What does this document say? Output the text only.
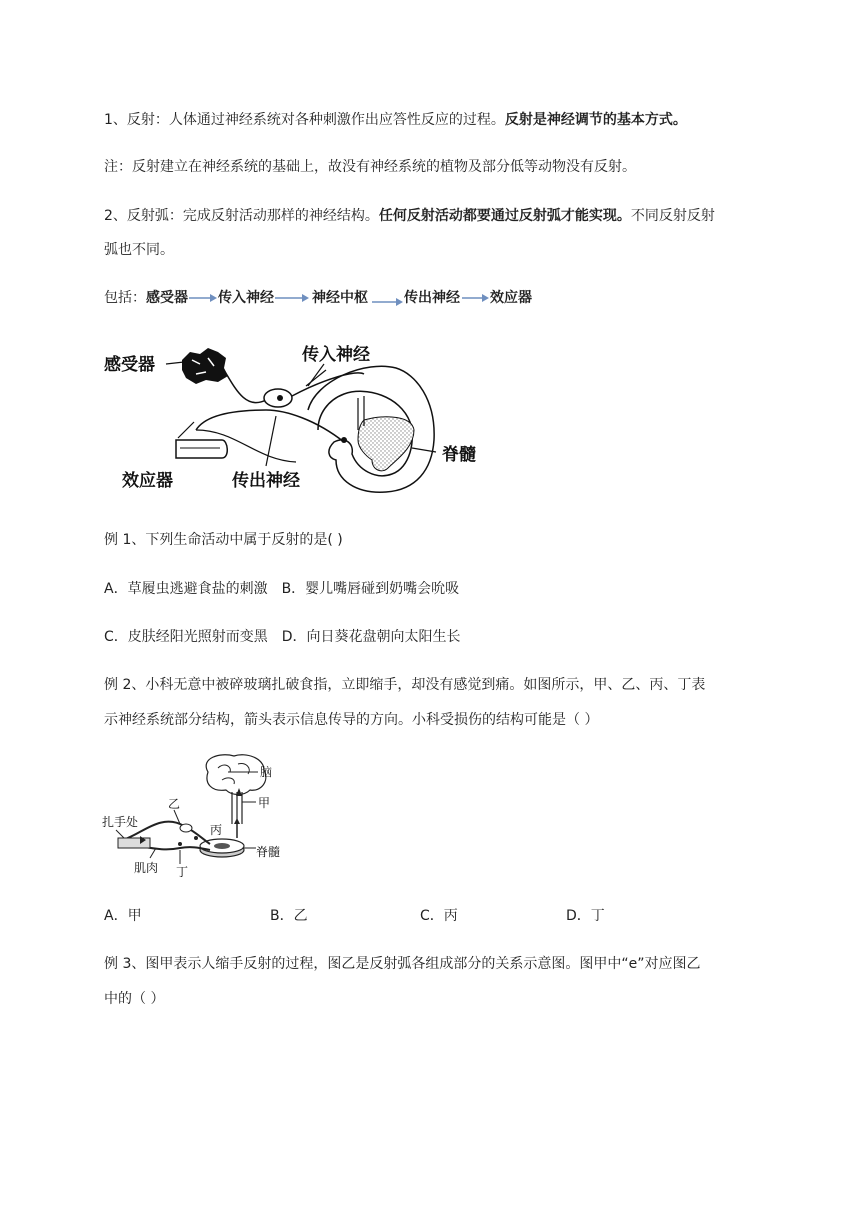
1、反射：人体通过神经系统对各种刺激作出应答性反应的过程。反射是神经调节的基本方式。
注：反射建立在神经系统的基础上，故没有神经系统的植物及部分低等动物没有反射。
2、反射弧：完成反射活动那样的神经结构。任何反射活动都要通过反射弧才能实现。不同反射反射
弧也不同。
包括：感受器 传入神经	神经中枢	传出神经 效应器
感受器	传入神经
脊髓
效应器	传出神经
例 1、下列生命活动中属于反射的是( )
A．草履虫逃避食盐的刺激 B．婴儿嘴唇碰到奶嘴会吮吸
C．皮肤经阳光照射而变黑 D．向日葵花盘朝向太阳生长
例 2、小科无意中被碎玻璃扎破食指，立即缩手，却没有感觉到痛。如图所示，甲、乙、丙、丁表
示神经系统部分结构，箭头表示信息传导的方向。小科受损伤的结构可能是（ ）
脑
甲
乙
丙
脊髓
扎手处
肌肉 丁
A．甲	B．乙	C．丙	D．丁
例 3、图甲表示人缩手反射的过程，图乙是反射弧各组成部分的关系示意图。图甲中“e”对应图乙
中的（ ）
